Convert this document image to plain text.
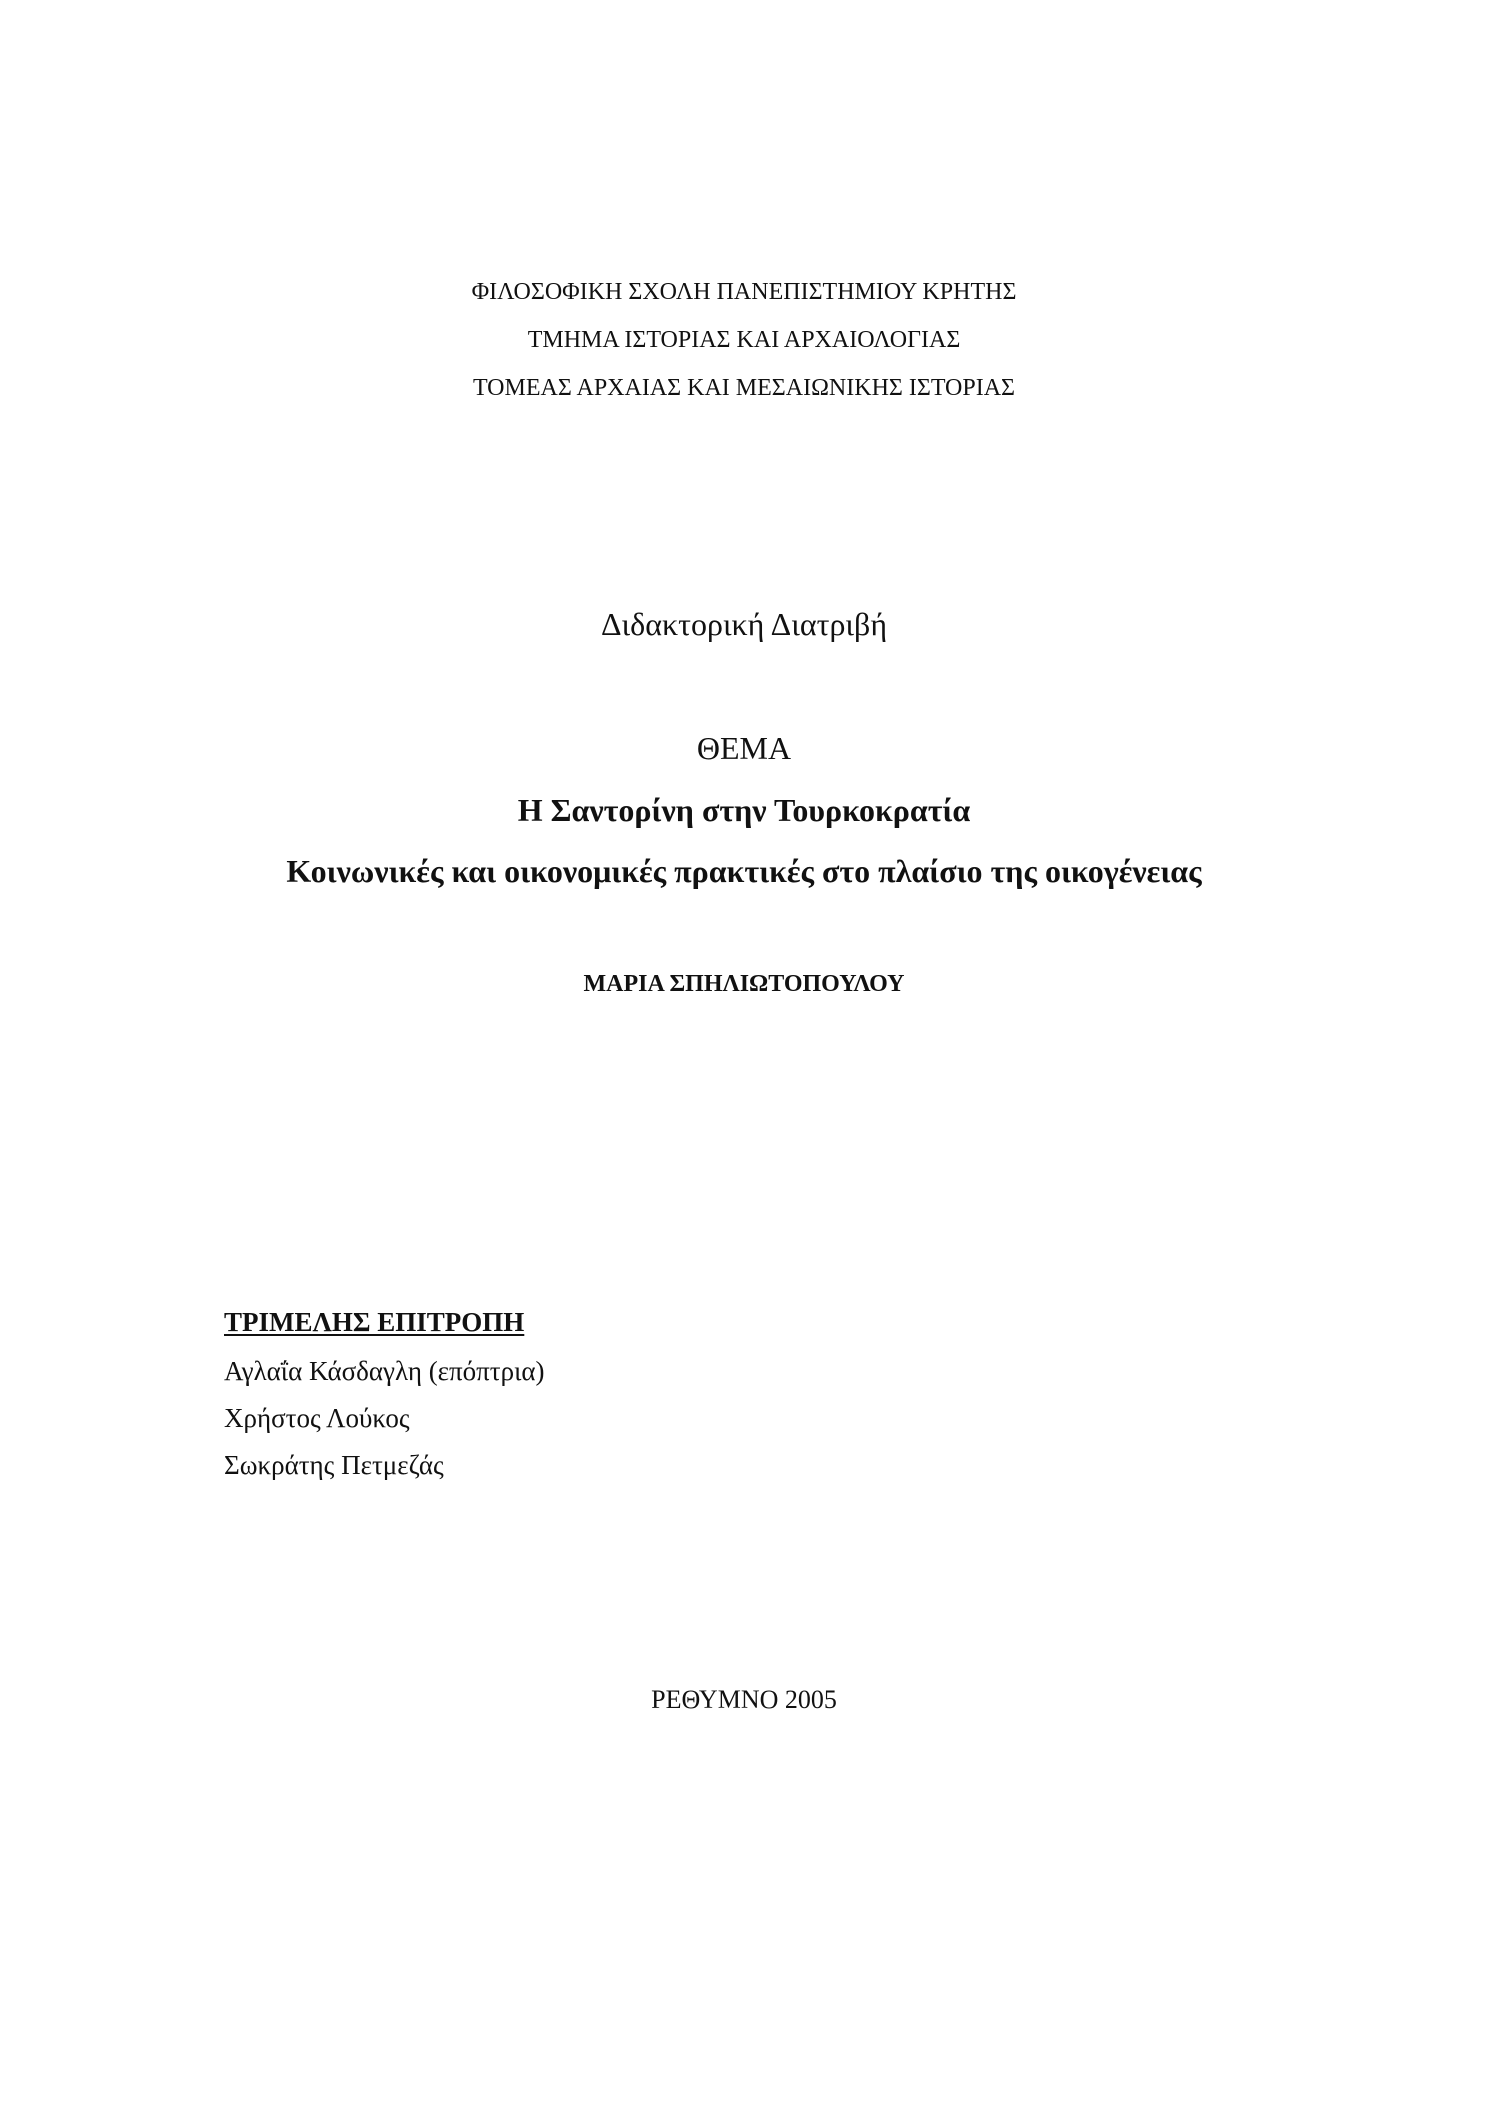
ΦΙΛΟΣΟΦΙΚΗ ΣΧΟΛΗ ΠΑΝΕΠΙΣΤΗΜΙΟΥ ΚΡΗΤΗΣ
ΤΜΗΜΑ ΙΣΤΟΡΙΑΣ ΚΑΙ ΑΡΧΑΙΟΛΟΓΙΑΣ
ΤΟΜΕΑΣ ΑΡΧΑΙΑΣ ΚΑΙ ΜΕΣΑΙΩΝΙΚΗΣ ΙΣΤΟΡΙΑΣ
Διδακτορική Διατριβή
ΘΕΜΑ
Η Σαντορίνη στην Τουρκοκρατία
Κοινωνικές και οικονομικές πρακτικές στο πλαίσιο της οικογένειας
ΜΑΡΙΑ ΣΠΗΛΙΩΤΟΠΟΥΛΟΥ
ΤΡΙΜΕΛΗΣ ΕΠΙΤΡΟΠΗ
Αγλαΐα Κάσδαγλη (επόπτρια)
Χρήστος Λούκος
Σωκράτης Πετμεζάς
ΡΕΘΥΜΝΟ 2005
